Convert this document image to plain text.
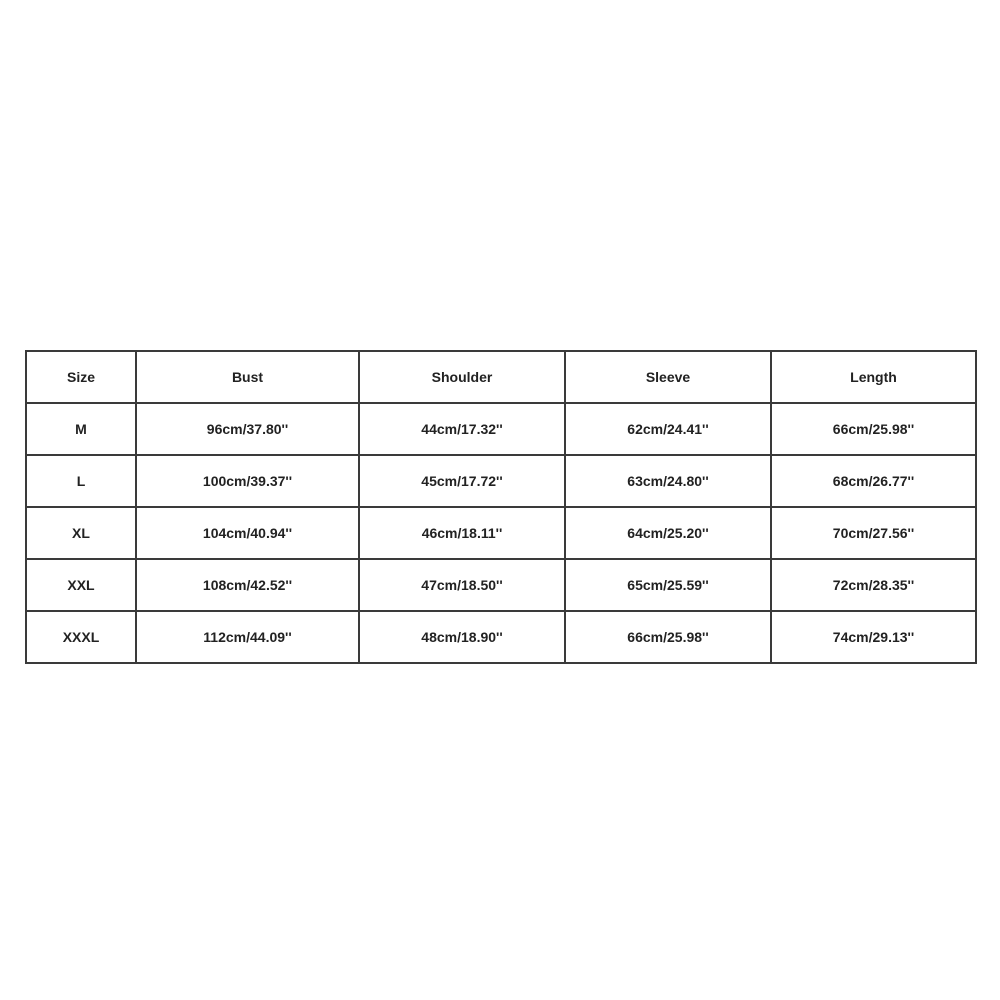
Size	Bust	Shoulder	Sleeve	Length
M	96cm/37.80''	44cm/17.32''	62cm/24.41''	66cm/25.98''
L	100cm/39.37''	45cm/17.72''	63cm/24.80''	68cm/26.77''
XL	104cm/40.94''	46cm/18.11''	64cm/25.20''	70cm/27.56''
XXL	108cm/42.52''	47cm/18.50''	65cm/25.59''	72cm/28.35''
XXXL	112cm/44.09''	48cm/18.90''	66cm/25.98''	74cm/29.13''
